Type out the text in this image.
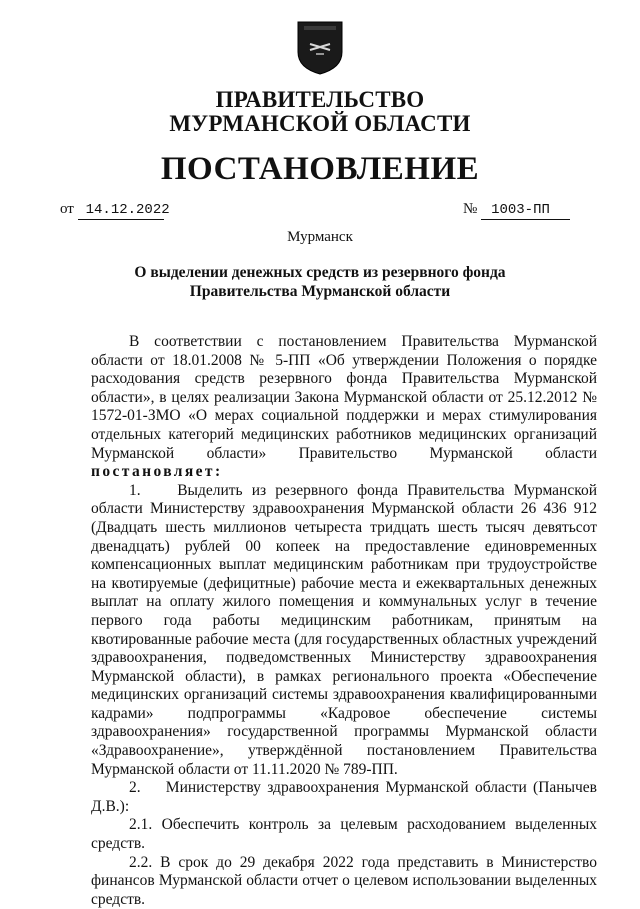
ПРАВИТЕЛЬСТВО
МУРМАНСКОЙ ОБЛАСТИ
ПОСТАНОВЛЕНИЕ
от 14.12.2022	№ 1003-ПП
Мурманск
О выделении денежных средств из резервного фонда
Правительства Мурманской области

В соответствии с постановлением Правительства Мурманской области от 18.01.2008 № 5-ПП «Об утверждении Положения о порядке расходования средств резервного фонда Правительства Мурманской области», в целях реализации Закона Мурманской области от 25.12.2012 № 1572-01-ЗМО «О мерах социальной поддержки и мерах стимулирования отдельных категорий медицинских работников медицинских организаций Мурманской области» Правительство Мурманской области постановляет:

1.    Выделить из резервного фонда Правительства Мурманской области Министерству здравоохранения Мурманской области 26 436 912 (Двадцать шесть миллионов четыреста тридцать шесть тысяч девятьсот двенадцать) рублей 00 копеек на предоставление единовременных компенсационных выплат медицинским работникам при трудоустройстве на квотируемые (дефицитные) рабочие места и ежеквартальных денежных выплат на оплату жилого помещения и коммунальных услуг в течение первого года работы медицинским работникам, принятым на квотированные рабочие места (для государственных областных учреждений здравоохранения, подведомственных Министерству здравоохранения Мурманской области), в рамках регионального проекта «Обеспечение медицинских организаций системы здравоохранения квалифицированными кадрами» подпрограммы «Кадровое обеспечение системы здравоохранения» государственной программы Мурманской области «Здравоохранение», утверждённой постановлением Правительства Мурманской области от 11.11.2020 № 789-ПП.

2.    Министерству здравоохранения Мурманской области (Панычев Д.В.):

2.1. Обеспечить контроль за целевым расходованием выделенных средств.

2.2. В срок до 29 декабря 2022 года представить в Министерство финансов Мурманской области отчет о целевом использовании выделенных средств.
